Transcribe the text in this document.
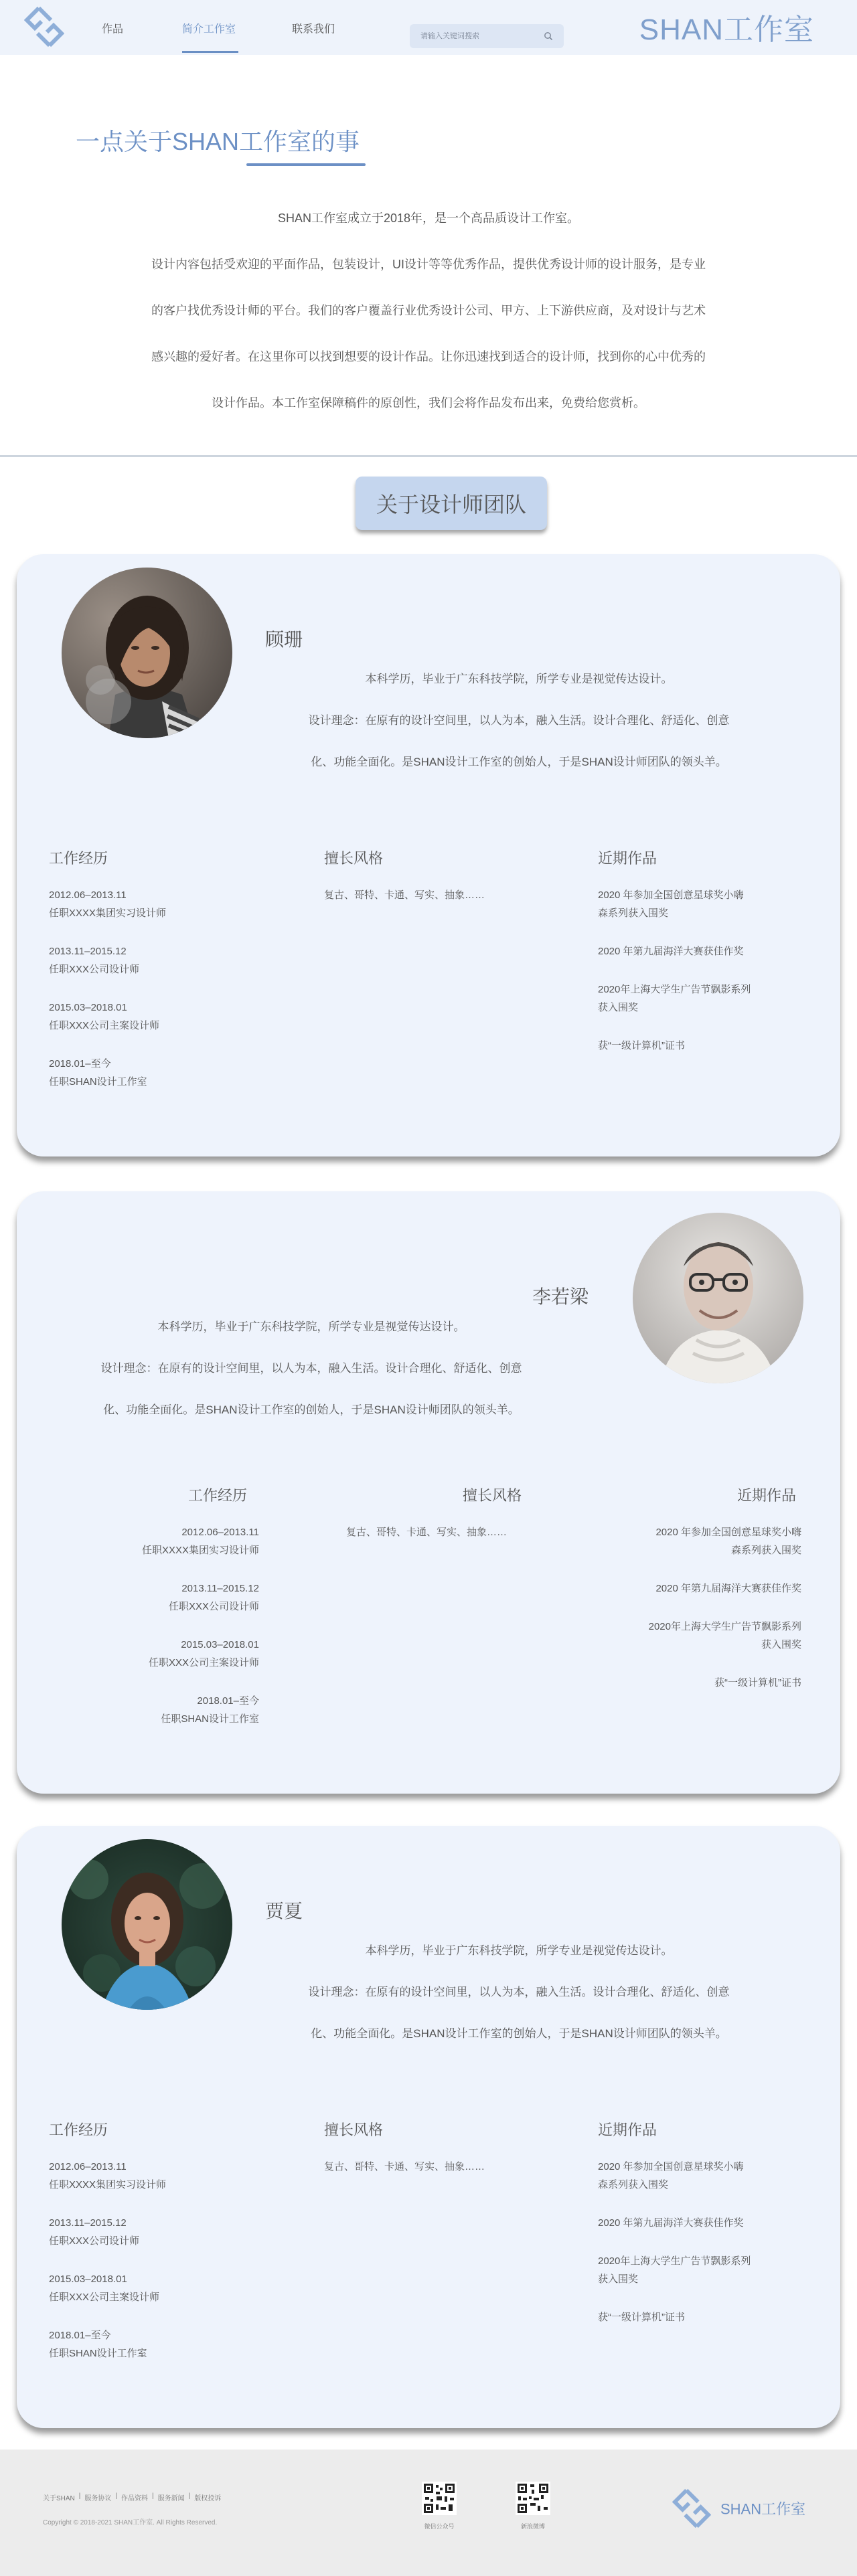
作品	简介工作室	联系我们
请输入关键词搜索	SHAN工作室
一点关于SHAN工作室的事
SHAN工作室成立于2018年，是一个高品质设计工作室。
设计内容包括受欢迎的平面作品，包装设计，UI设计等等优秀作品，提供优秀设计师的设计服务，是专业
的客户找优秀设计师的平台。我们的客户覆盖行业优秀设计公司、甲方、上下游供应商，及对设计与艺术
感兴趣的爱好者。在这里你可以找到想要的设计作品。让你迅速找到适合的设计师，找到你的心中优秀的
设计作品。本工作室保障稿件的原创性，我们会将作品发布出来，免费给您赏析。
关于设计师团队
顾珊
本科学历，毕业于广东科技学院，所学专业是视觉传达设计。
设计理念：在原有的设计空间里，以人为本，融入生活。设计合理化、舒适化、创意
化、功能全面化。是SHAN设计工作室的创始人，于是SHAN设计师团队的领头羊。
工作经历
2012.06–2013.11
任职XXXX集团实习设计师
2013.11–2015.12
任职XXX公司设计师
2015.03–2018.01
任职XXX公司主案设计师
2018.01–至今
任职SHAN设计工作室
擅长风格
复古、哥特、卡通、写实、抽象……
近期作品
2020 年参加全国创意星球奖小嗨
森系列获入围奖
2020 年第九届海洋大赛获佳作奖
2020年上海大学生广告节飘影系列
获入围奖
获“一级计算机”证书
李若梁
本科学历，毕业于广东科技学院，所学专业是视觉传达设计。
设计理念：在原有的设计空间里，以人为本，融入生活。设计合理化、舒适化、创意
化、功能全面化。是SHAN设计工作室的创始人，于是SHAN设计师团队的领头羊。
工作经历
2012.06–2013.11
任职XXXX集团实习设计师
2013.11–2015.12
任职XXX公司设计师
2015.03–2018.01
任职XXX公司主案设计师
2018.01–至今
任职SHAN设计工作室
擅长风格
复古、哥特、卡通、写实、抽象……
近期作品
2020 年参加全国创意星球奖小嗨
森系列获入围奖
2020 年第九届海洋大赛获佳作奖
2020年上海大学生广告节飘影系列
获入围奖
获“一级计算机”证书
贾夏
本科学历，毕业于广东科技学院，所学专业是视觉传达设计。
设计理念：在原有的设计空间里，以人为本，融入生活。设计合理化、舒适化、创意
化、功能全面化。是SHAN设计工作室的创始人，于是SHAN设计师团队的领头羊。
工作经历
2012.06–2013.11
任职XXXX集团实习设计师
2013.11–2015.12
任职XXX公司设计师
2015.03–2018.01
任职XXX公司主案设计师
2018.01–至今
任职SHAN设计工作室
擅长风格
复古、哥特、卡通、写实、抽象……
近期作品
2020 年参加全国创意星球奖小嗨
森系列获入围奖
2020 年第九届海洋大赛获佳作奖
2020年上海大学生广告节飘影系列
获入围奖
获“一级计算机”证书
关于SHAN | 服务协议 | 作品资料 | 服务新闻 | 版权投诉
Copyright © 2018-2021 SHAN工作室. All Rights Reserved.	微信公众号	新浪微博
SHAN工作室
